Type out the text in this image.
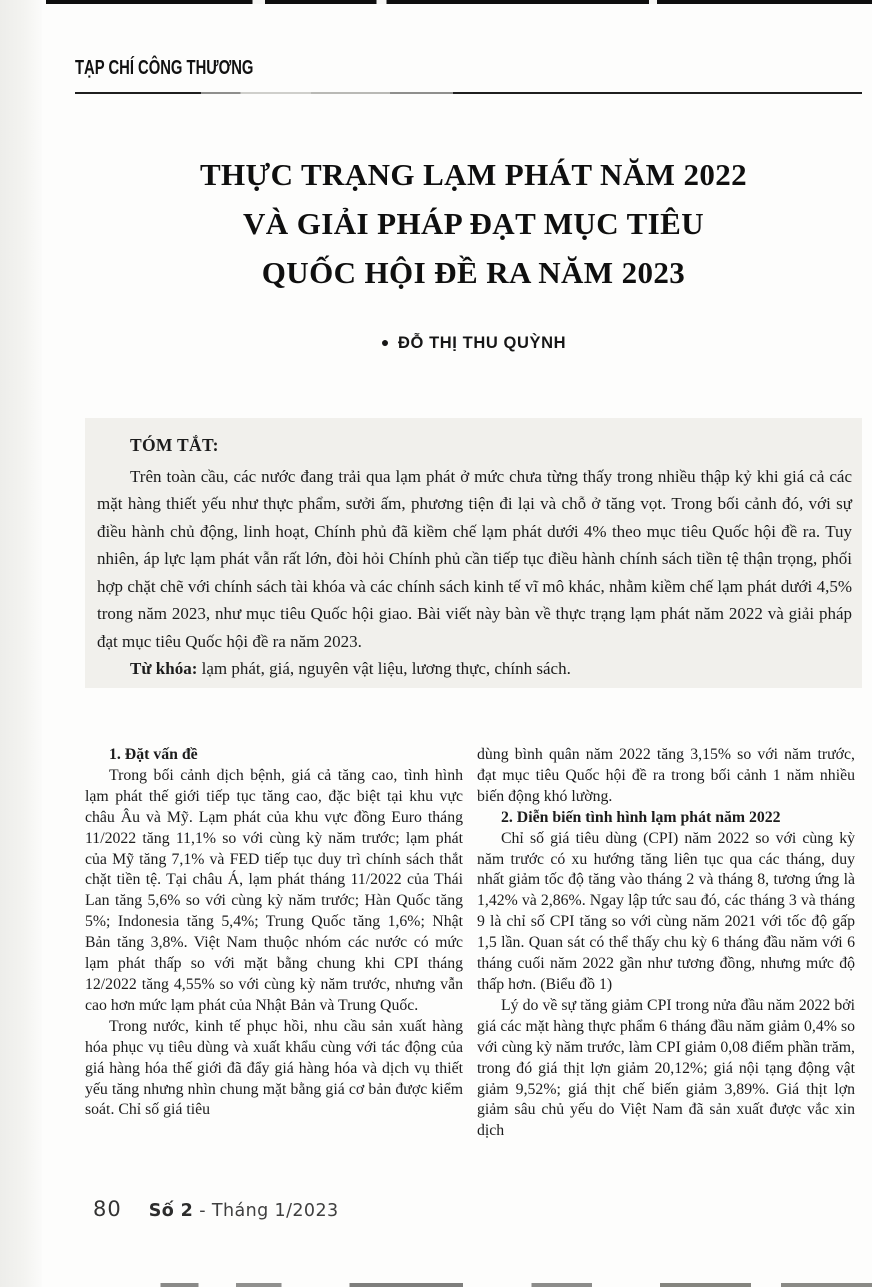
TẠP CHÍ CÔNG THƯƠNG
THỰC TRẠNG LẠM PHÁT NĂM 2022
VÀ GIẢI PHÁP ĐẠT MỤC TIÊU
QUỐC HỘI ĐỀ RA NĂM 2023
● ĐỖ THỊ THU QUỲNH
TÓM TẮT:

Trên toàn cầu, các nước đang trải qua lạm phát ở mức chưa từng thấy trong nhiều thập kỷ khi giá cả các mặt hàng thiết yếu như thực phẩm, sưởi ấm, phương tiện đi lại và chỗ ở tăng vọt. Trong bối cảnh đó, với sự điều hành chủ động, linh hoạt, Chính phủ đã kiềm chế lạm phát dưới 4% theo mục tiêu Quốc hội đề ra. Tuy nhiên, áp lực lạm phát vẫn rất lớn, đòi hỏi Chính phủ cần tiếp tục điều hành chính sách tiền tệ thận trọng, phối hợp chặt chẽ với chính sách tài khóa và các chính sách kinh tế vĩ mô khác, nhằm kiềm chế lạm phát dưới 4,5% trong năm 2023, như mục tiêu Quốc hội giao. Bài viết này bàn về thực trạng lạm phát năm 2022 và giải pháp đạt mục tiêu Quốc hội đề ra năm 2023.

Từ khóa: lạm phát, giá, nguyên vật liệu, lương thực, chính sách.

1. Đặt vấn đề

Trong bối cảnh dịch bệnh, giá cả tăng cao, tình hình lạm phát thế giới tiếp tục tăng cao, đặc biệt tại khu vực châu Âu và Mỹ. Lạm phát của khu vực đồng Euro tháng 11/2022 tăng 11,1% so với cùng kỳ năm trước; lạm phát của Mỹ tăng 7,1% và FED tiếp tục duy trì chính sách thắt chặt tiền tệ. Tại châu Á, lạm phát tháng 11/2022 của Thái Lan tăng 5,6% so với cùng kỳ năm trước; Hàn Quốc tăng 5%; Indonesia tăng 5,4%; Trung Quốc tăng 1,6%; Nhật Bản tăng 3,8%. Việt Nam thuộc nhóm các nước có mức lạm phát thấp so với mặt bằng chung khi CPI tháng 12/2022 tăng 4,55% so với cùng kỳ năm trước, nhưng vẫn cao hơn mức lạm phát của Nhật Bản và Trung Quốc.

Trong nước, kinh tế phục hồi, nhu cầu sản xuất hàng hóa phục vụ tiêu dùng và xuất khẩu cùng với tác động của giá hàng hóa thế giới đã đẩy giá hàng hóa và dịch vụ thiết yếu tăng nhưng nhìn chung mặt bằng giá cơ bản được kiểm soát. Chỉ số giá tiêu

dùng bình quân năm 2022 tăng 3,15% so với năm trước, đạt mục tiêu Quốc hội đề ra trong bối cảnh 1 năm nhiều biến động khó lường.

2. Diễn biến tình hình lạm phát năm 2022

Chỉ số giá tiêu dùng (CPI) năm 2022 so với cùng kỳ năm trước có xu hướng tăng liên tục qua các tháng, duy nhất giảm tốc độ tăng vào tháng 2 và tháng 8, tương ứng là 1,42% và 2,86%. Ngay lập tức sau đó, các tháng 3 và tháng 9 là chỉ số CPI tăng so với cùng năm 2021 với tốc độ gấp 1,5 lần. Quan sát có thể thấy chu kỳ 6 tháng đầu năm với 6 tháng cuối năm 2022 gần như tương đồng, nhưng mức độ thấp hơn. (Biểu đồ 1)

Lý do về sự tăng giảm CPI trong nửa đầu năm 2022 bởi giá các mặt hàng thực phẩm 6 tháng đầu năm giảm 0,4% so với cùng kỳ năm trước, làm CPI giảm 0,08 điểm phần trăm, trong đó giá thịt lợn giảm 20,12%; giá nội tạng động vật giảm 9,52%; giá thịt chế biến giảm 3,89%. Giá thịt lợn giảm sâu chủ yếu do Việt Nam đã sản xuất được vắc xin dịch

80 Số 2 - Tháng 1/2023
